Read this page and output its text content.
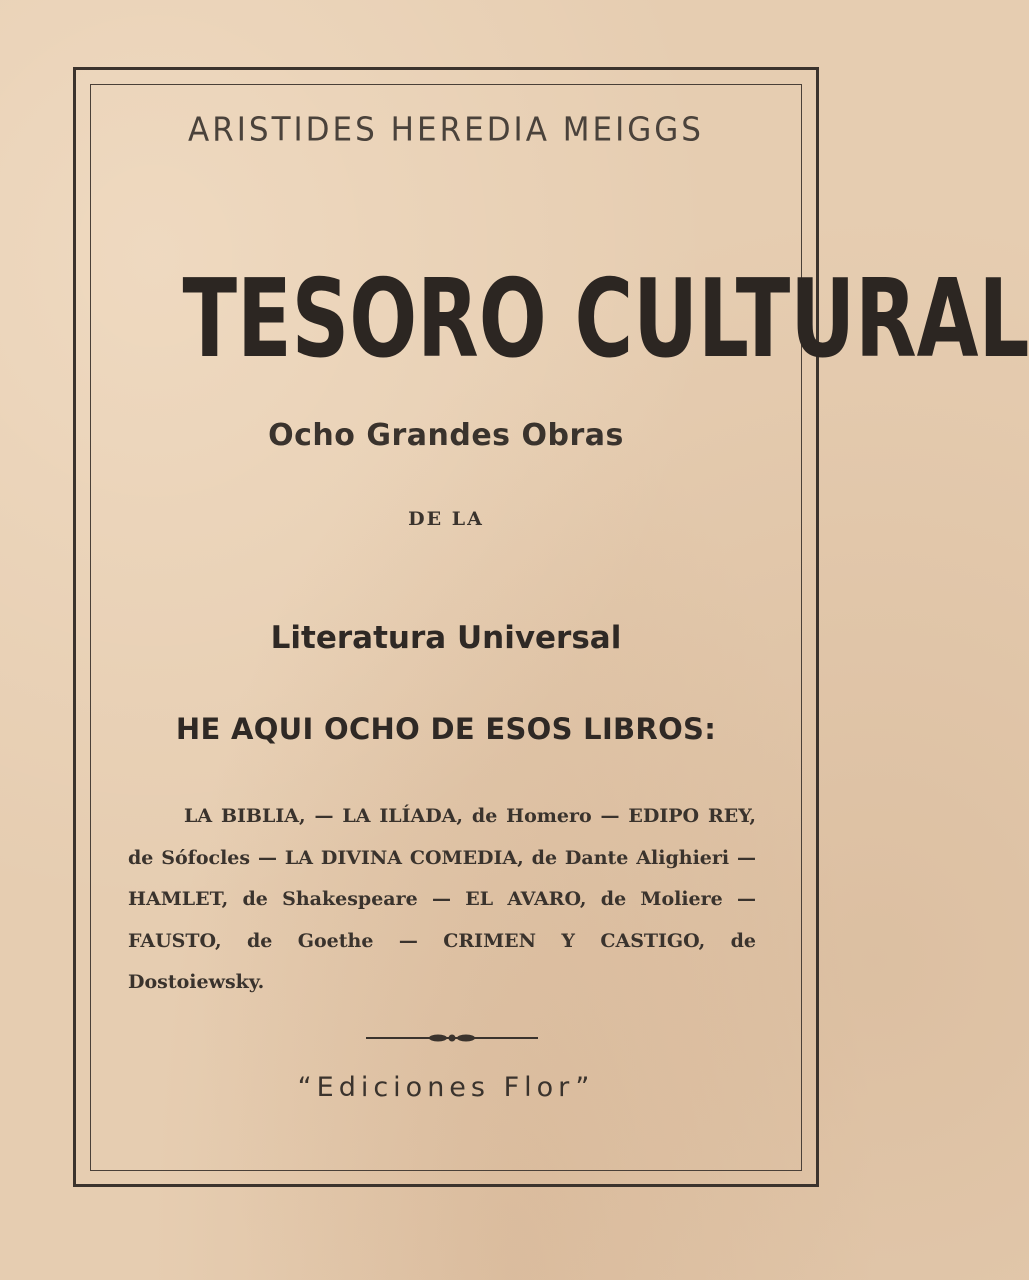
ARISTIDES HEREDIA MEIGGS
TESORO CULTURAL
Ocho Grandes Obras
DE LA
Literatura Universal
HE AQUI OCHO DE ESOS LIBROS:
LA BIBLIA, — LA ILÍADA, de Homero — EDIPO REY, de Sófocles — LA DIVINA COMEDIA, de Dante Alighieri — HAMLET, de Shakespeare — EL AVARO, de Moliere — FAUSTO, de Goethe — CRIMEN Y CASTIGO, de Dostoiewsky.
“Ediciones Flor”
